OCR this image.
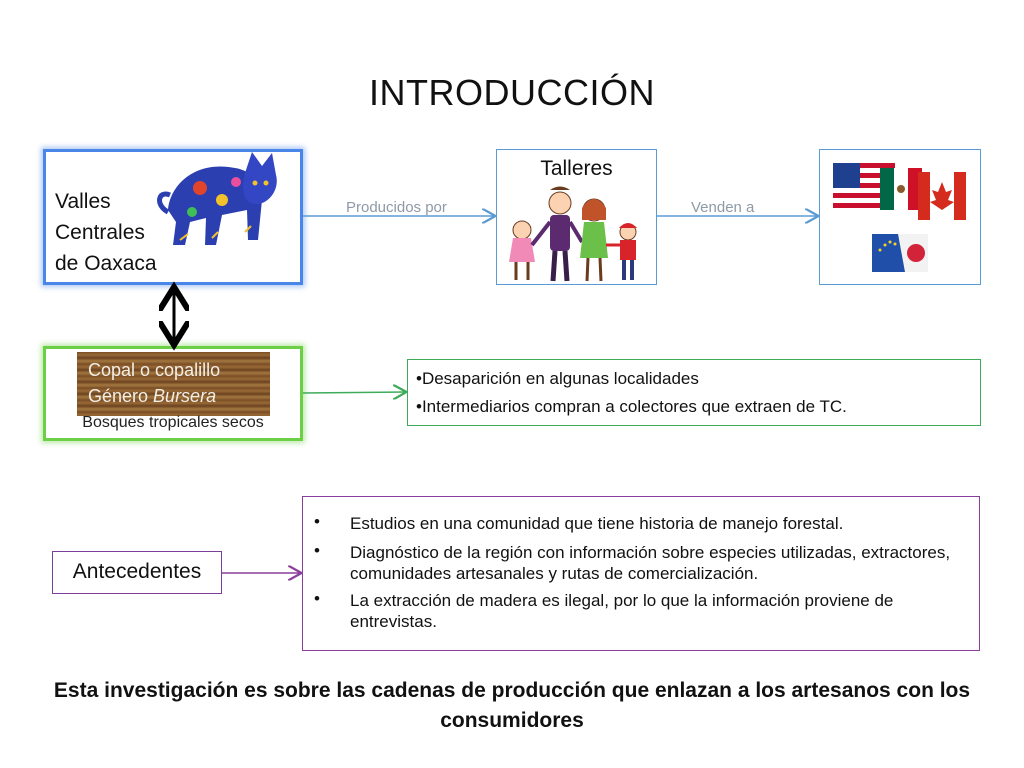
INTRODUCCIÓN
Valles
Centrales
de Oaxaca
Talleres
Producidos por	Venden a
Copal o copalillo
Género Bursera
Bosques tropicales secos
•Desaparición en algunas localidades
•Intermediarios compran a colectores que extraen de TC.
Antecedentes
• Estudios en una comunidad que tiene historia de manejo forestal.
• Diagnóstico de la región con información sobre especies utilizadas, extractores, comunidades artesanales y rutas de comercialización.
• La extracción de madera es ilegal, por lo que la información proviene de entrevistas.
Esta investigación es sobre las cadenas de producción que enlazan a los artesanos con los consumidores
